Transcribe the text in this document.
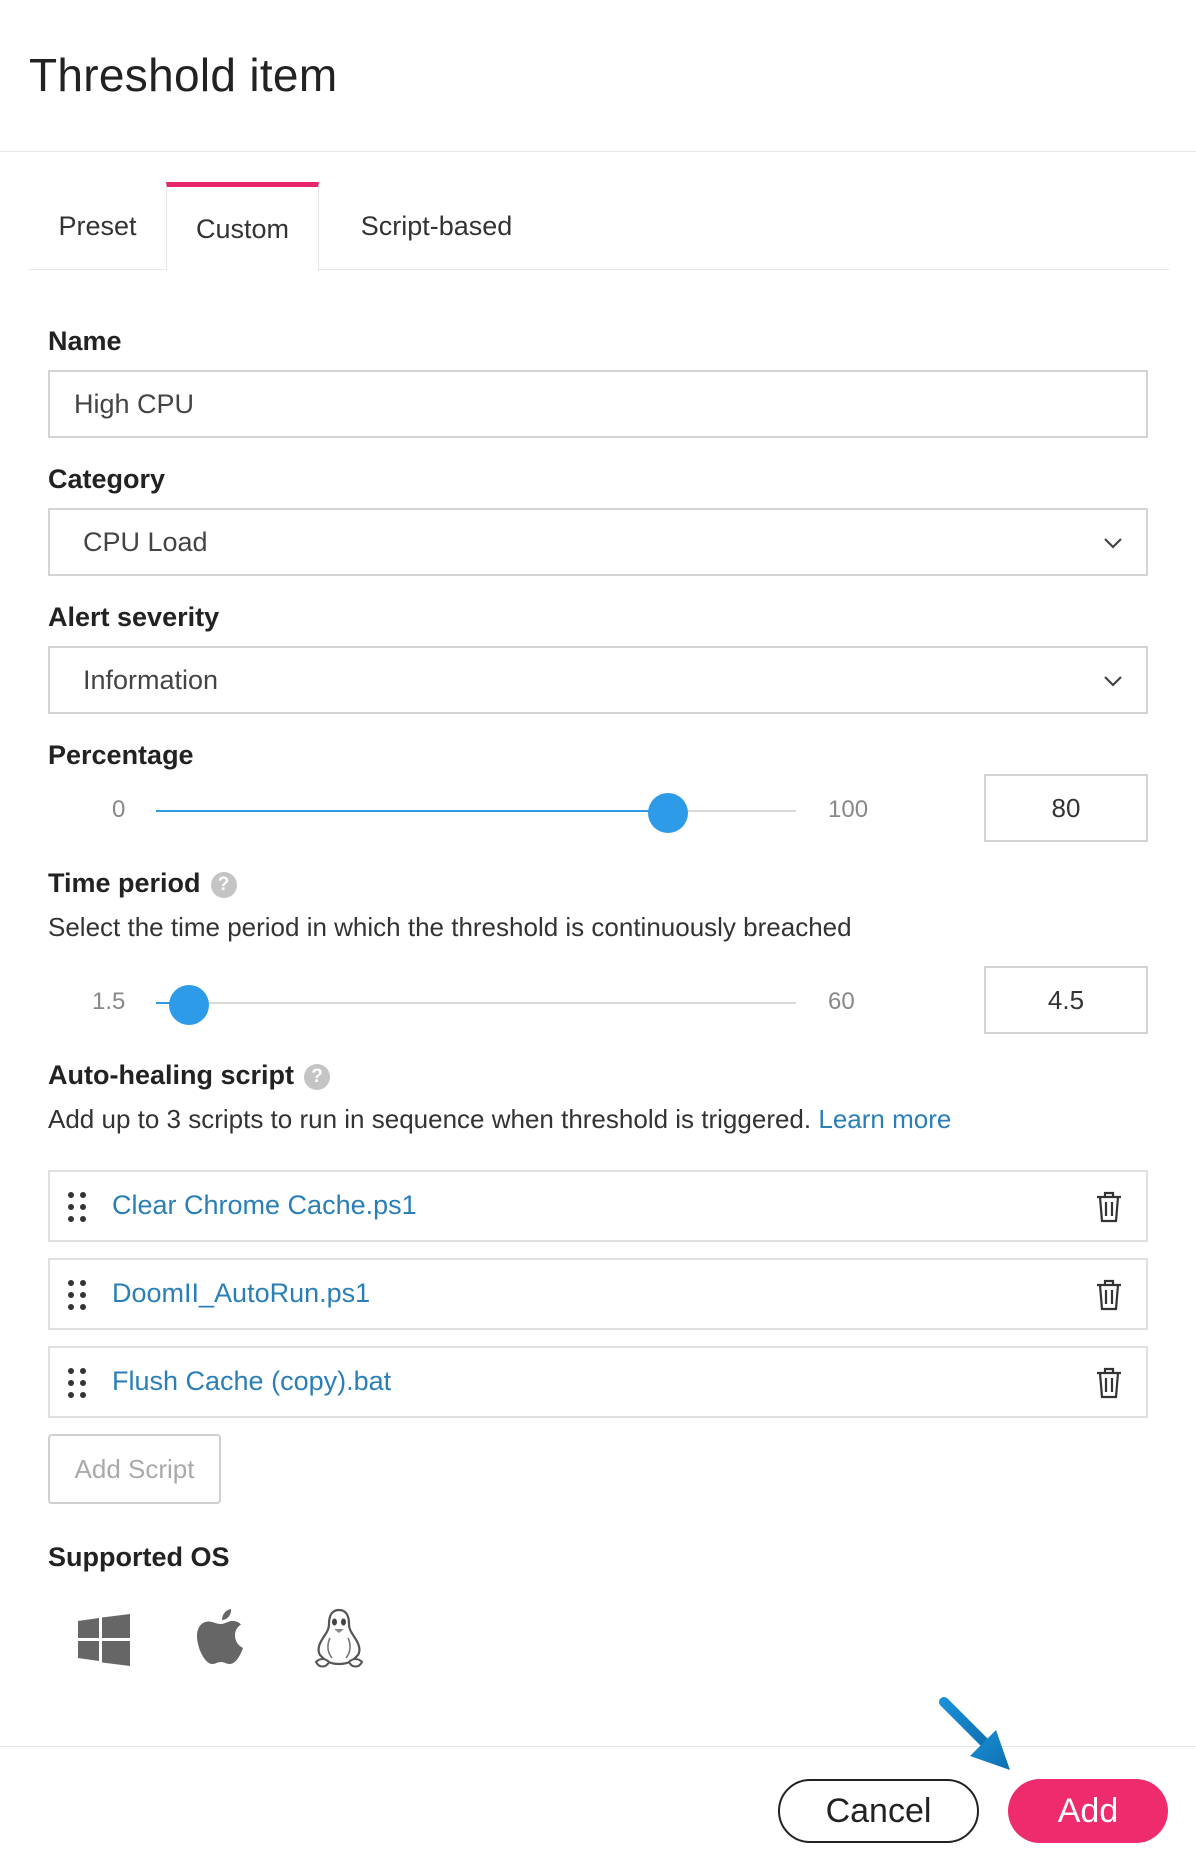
Threshold item
Preset	Custom	Script-based
Name
High CPU
Category
CPU Load
Alert severity
Information
Percentage
0	100	80
Time period ?
Select the time period in which the threshold is continuously breached
1.5	60	4.5
Auto-healing script ?
Add up to 3 scripts to run in sequence when threshold is triggered. Learn more
Clear Chrome Cache.ps1
DoomII_AutoRun.ps1
Flush Cache (copy).bat
Add Script
Supported OS
Cancel	Add
